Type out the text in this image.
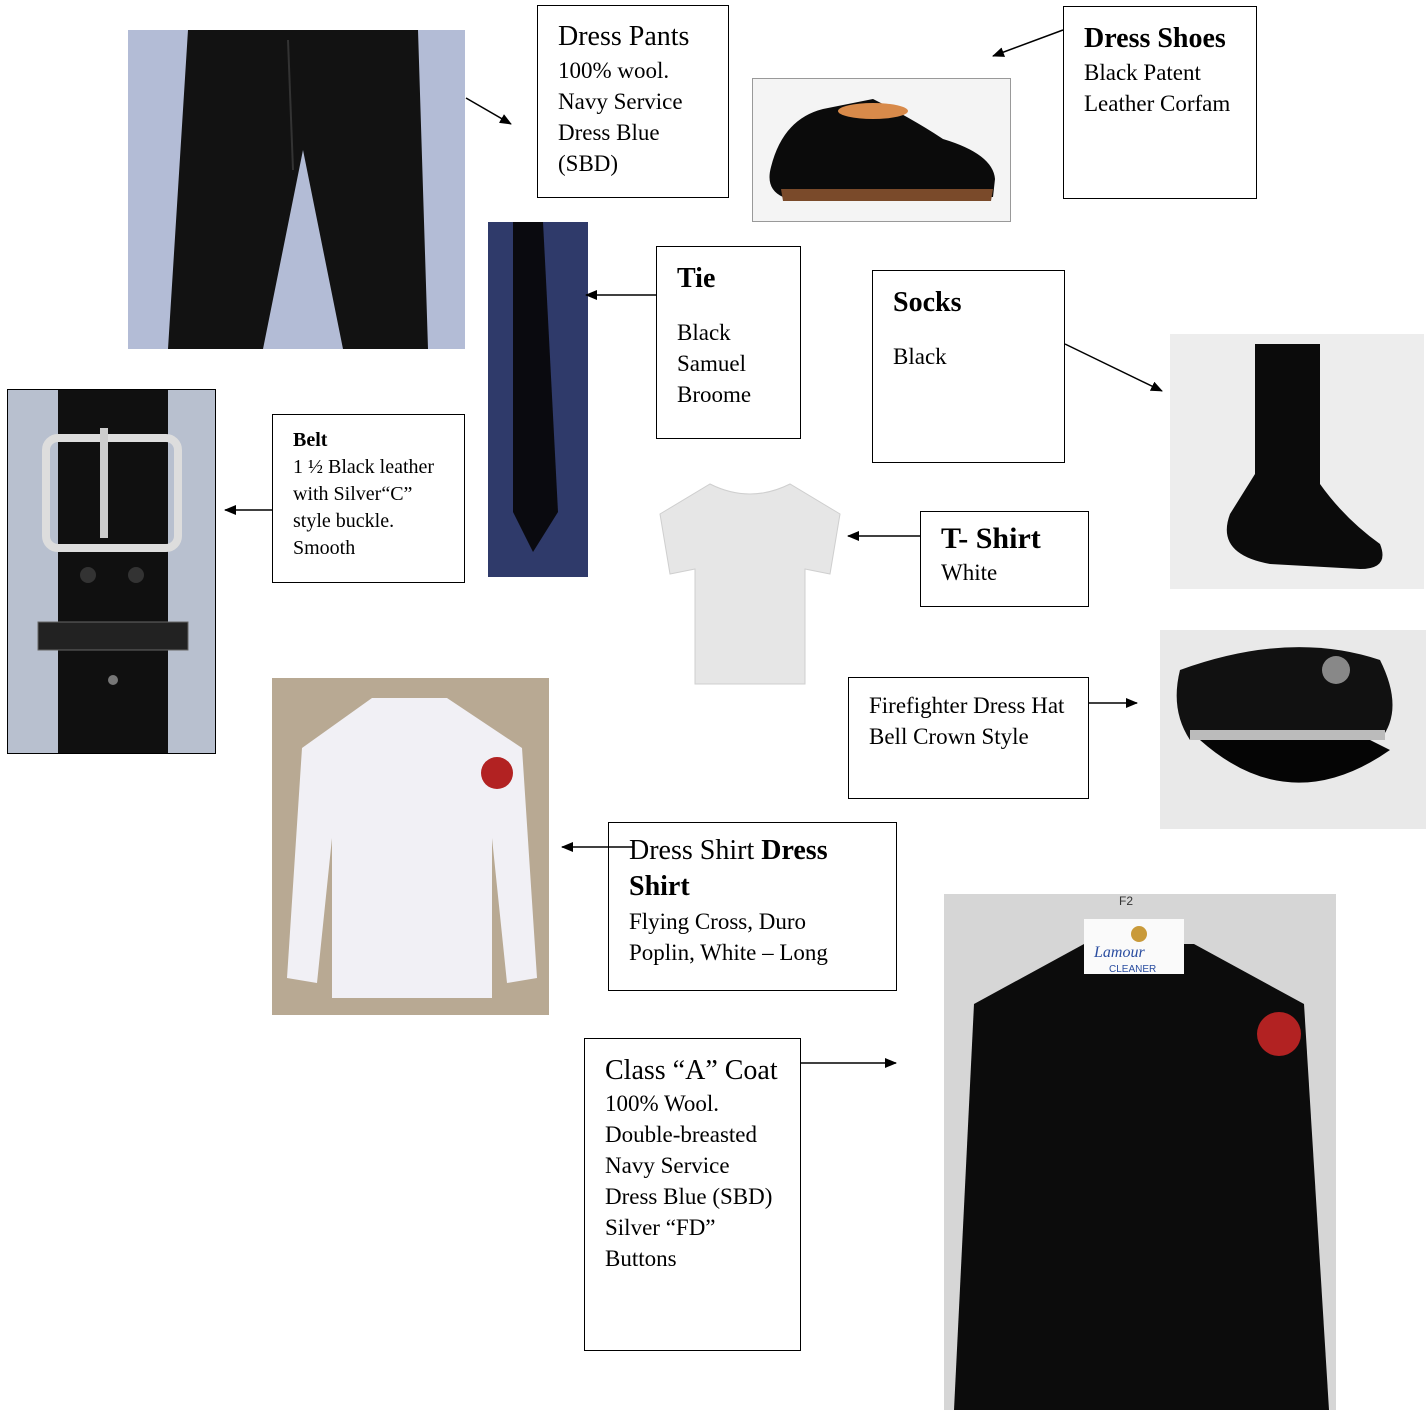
F2
Lamour
CLEANER
Dress Pants
100% wool. Navy Service Dress Blue (SBD)
Dress Shoes
Black Patent Leather Corfam
Tie
Black Samuel Broome
Socks
Black
Belt
1 ½ Black leather with Silver“C” style buckle. Smooth	T- Shirt
White
Firefighter Dress Hat Bell Crown Style
Dress Shirt Dress Shirt
Flying Cross, Duro Poplin, White – Long
Class “A” Coat 100% Wool. Double-breasted Navy Service Dress Blue (SBD) Silver “FD” Buttons
